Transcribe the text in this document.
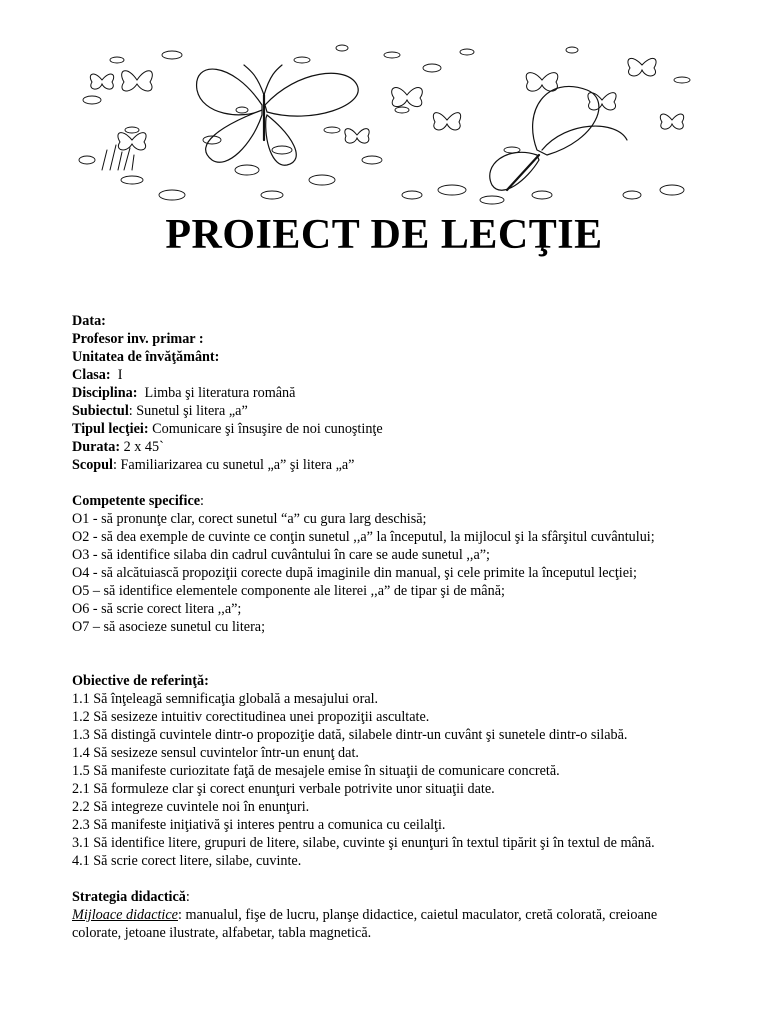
PROIECT DE LECŢIE
Data:
Profesor inv. primar :
Unitatea de învăţământ:
Clasa:  I
Disciplina:  Limba şi literatura română
Subiectul: Sunetul şi litera „a”
Tipul lecţiei: Comunicare şi însuşire de noi cunoştinţe
Durata: 2 x 45`
Scopul: Familiarizarea cu sunetul „a” şi litera „a”
Competente specifice:
O1 - să pronunţe clar, corect sunetul “a” cu gura larg deschisă;
O2 - să dea exemple de cuvinte ce conţin sunetul ,,a” la începutul, la mijlocul şi la sfârşitul cuvântului;
O3 - să identifice silaba din cadrul cuvântului în care se aude sunetul ,,a”;
O4 - să alcătuiască propoziţii corecte după imaginile din manual, şi cele primite la începutul lecţiei;
O5 – să identifice elementele componente ale literei ,,a” de tipar şi de mână;
O6 - să scrie corect litera ,,a”;
O7 – să asocieze sunetul cu litera;
Obiective de referinţă:
1.1 Să înţeleagă semnificaţia globală a mesajului oral.
1.2 Să sesizeze intuitiv corectitudinea unei propoziţii ascultate.
1.3 Să distingă cuvintele dintr-o propoziţie dată, silabele dintr-un cuvânt şi sunetele dintr-o silabă.
1.4 Să sesizeze sensul cuvintelor într-un enunţ dat.
1.5 Să manifeste curiozitate faţă de mesajele emise în situaţii de comunicare concretă.
2.1 Să formuleze clar şi corect enunţuri verbale potrivite unor situaţii date.
2.2 Să integreze cuvintele noi în enunţuri.
2.3 Să manifeste iniţiativă şi interes pentru a comunica cu ceilalţi.
3.1 Să identifice litere, grupuri de litere, silabe, cuvinte şi enunţuri în textul tipărit şi în textul de mână.
4.1 Să scrie corect litere, silabe, cuvinte.
Strategia didactică:
Mijloace didactice: manualul, fişe de lucru, planşe didactice, caietul maculator, cretă colorată, creioane colorate, jetoane ilustrate, alfabetar, tabla magnetică.
